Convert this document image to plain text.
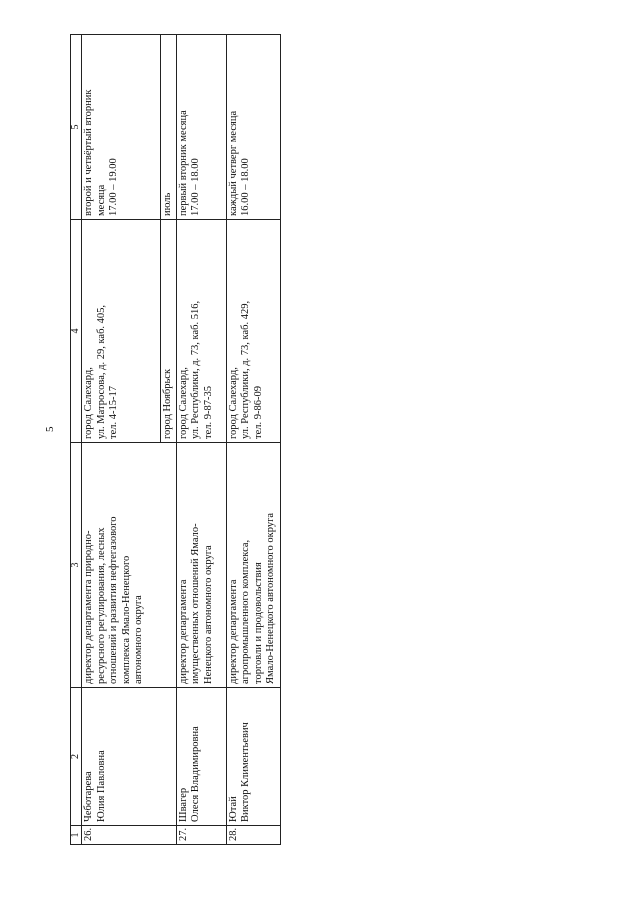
5
1	2	3	4	5
26.	Чеботарева Юлия Павловна	директор департамента природно- ресурсного регулирования, лесных отношений и развития нефтегазового комплекса Ямало-Ненецкого автономного округа	город Салехард, ул. Матросова, д. 29, каб. 405, тел. 4-15-17	второй и четвёртый вторник месяца 17.00 – 19.00

			город Ноябрьск	июль

27.	Швагер Олеся Владимировна	директор департамента имущественных отношений Ямало- Ненецкого автономного округа	город Салехард, ул. Республики, д. 73, каб. 516, тел. 9-87-35	первый вторник месяца 17.00 – 18.00

28.	Ютай Виктор Климентьевич	директор департамента агропромышленного комплекса, торговли и продовольствия Ямало-Ненецкого автономного округа	город Салехард, ул. Республики, д. 73, каб. 429, тел. 9-86-09	каждый четверг месяца 16.00 – 18.00
